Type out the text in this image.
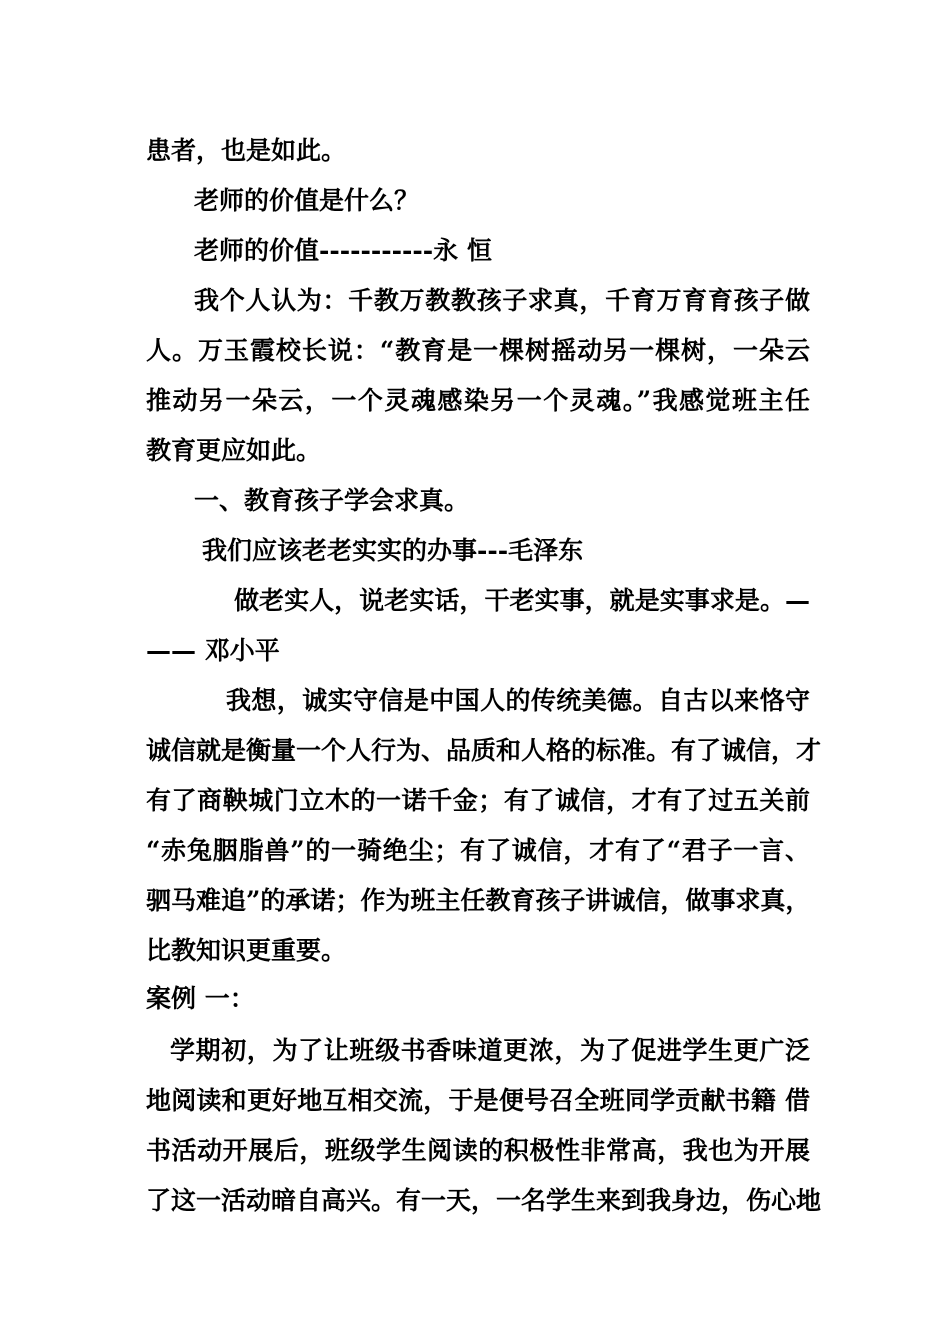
患者，也是如此。
老师的价值是什么？
老师的价值-----------永 恒
我个人认为：千教万教教孩子求真，千育万育育孩子做
人。万玉霞校长说：“教育是一棵树摇动另一棵树，一朵云
推动另一朵云，一个灵魂感染另一个灵魂。”我感觉班主任
教育更应如此。
一、教育孩子学会求真。
我们应该老老实实的办事---毛泽东
做老实人，说老实话，干老实事，就是实事求是。—
—— 邓小平
我想，诚实守信是中国人的传统美德。自古以来恪守
诚信就是衡量一个人行为、品质和人格的标准。有了诚信，才
有了商鞅城门立木的一诺千金；有了诚信，才有了过五关前
“赤兔胭脂兽”的一骑绝尘；有了诚信，才有了“君子一言、
驷马难追”的承诺；作为班主任教育孩子讲诚信，做事求真，
比教知识更重要。
案例 一：
学期初，为了让班级书香味道更浓，为了促进学生更广泛
地阅读和更好地互相交流，于是便号召全班同学贡献书籍 借
书活动开展后，班级学生阅读的积极性非常高，我也为开展
了这一活动暗自高兴。有一天，一名学生来到我身边，伤心地
